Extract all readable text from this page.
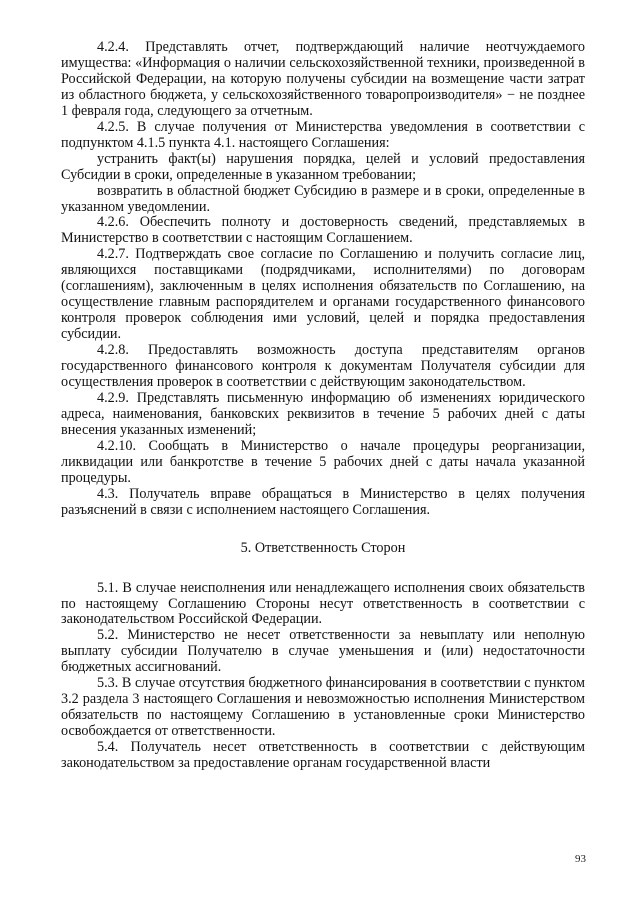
4.2.4. Представлять отчет, подтверждающий наличие неотчуждаемого имущества: «Информация о наличии сельскохозяйственной техники, произведенной в Российской Федерации, на которую получены субсидии на возмещение части затрат из областного бюджета, у сельскохозяйственного товаропроизводителя» − не позднее 1 февраля года, следующего за отчетным.

4.2.5. В случае получения от Министерства уведомления в соответствии с подпунктом 4.1.5 пункта 4.1. настоящего Соглашения:

устранить факт(ы) нарушения порядка, целей и условий предоставления Субсидии в сроки, определенные в указанном требовании;

возвратить в областной бюджет Субсидию в размере и в сроки, определенные в указанном уведомлении.

4.2.6. Обеспечить полноту и достоверность сведений, представляемых в Министерство в соответствии с настоящим Соглашением.

4.2.7. Подтверждать свое согласие по Соглашению и получить согласие лиц, являющихся поставщиками (подрядчиками, исполнителями) по договорам (соглашениям), заключенным в целях исполнения обязательств по Соглашению, на осуществление главным распорядителем и органами государственного финансового контроля проверок соблюдения ими условий, целей и порядка предоставления субсидии.

4.2.8. Предоставлять возможность доступа представителям органов государственного финансового контроля к документам Получателя субсидии для осуществления проверок в соответствии с действующим законодательством.

4.2.9. Представлять письменную информацию об изменениях юридического адреса, наименования, банковских реквизитов в течение 5 рабочих дней с даты внесения указанных изменений;

4.2.10. Сообщать в Министерство о начале процедуры реорганизации, ликвидации или банкротстве в течение 5 рабочих дней с даты начала указанной процедуры.

4.3. Получатель вправе обращаться в Министерство в целях получения разъяснений в связи с исполнением настоящего Соглашения.

5. Ответственность Сторон

5.1. В случае неисполнения или ненадлежащего исполнения своих обязательств по настоящему Соглашению Стороны несут ответственность в соответствии с законодательством Российской Федерации.

5.2. Министерство не несет ответственности за невыплату или неполную выплату субсидии Получателю в случае уменьшения и (или) недостаточности бюджетных ассигнований.

5.3. В случае отсутствия бюджетного финансирования в соответствии с пунктом 3.2 раздела 3 настоящего Соглашения и невозможностью исполнения Министерством обязательств по настоящему Соглашению в установленные сроки Министерство освобождается от ответственности.

5.4. Получатель несет ответственность в соответствии с действующим законодательством за предоставление органам государственной власти

93
